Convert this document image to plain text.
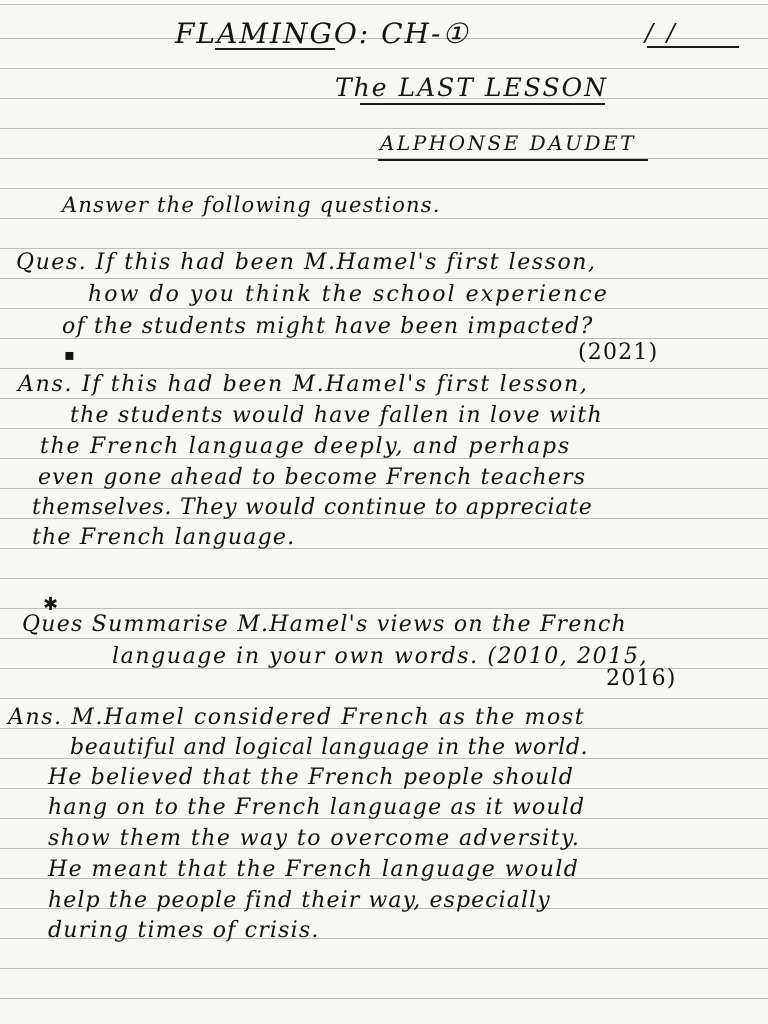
FLAMINGO: CH-①	/ /
The LAST LESSON
ALPHONSE DAUDET
Answer the following questions.
Ques. If this had been M.Hamel's first lesson,
how do you think the school experience
of the students might have been impacted?
▪	(2021)
Ans. If this had been M.Hamel's first lesson,
the students would have fallen in love with
the French language deeply, and perhaps
even gone ahead to become French teachers
themselves. They would continue to appreciate
the French language.
✱
Ques Summarise M.Hamel's views on the French
language in your own words. (2010, 2015,
2016)
Ans. M.Hamel considered French as the most
beautiful and logical language in the world.
He believed that the French people should
hang on to the French language as it would
show them the way to overcome adversity.
He meant that the French language would
help the people find their way, especially
during times of crisis.
